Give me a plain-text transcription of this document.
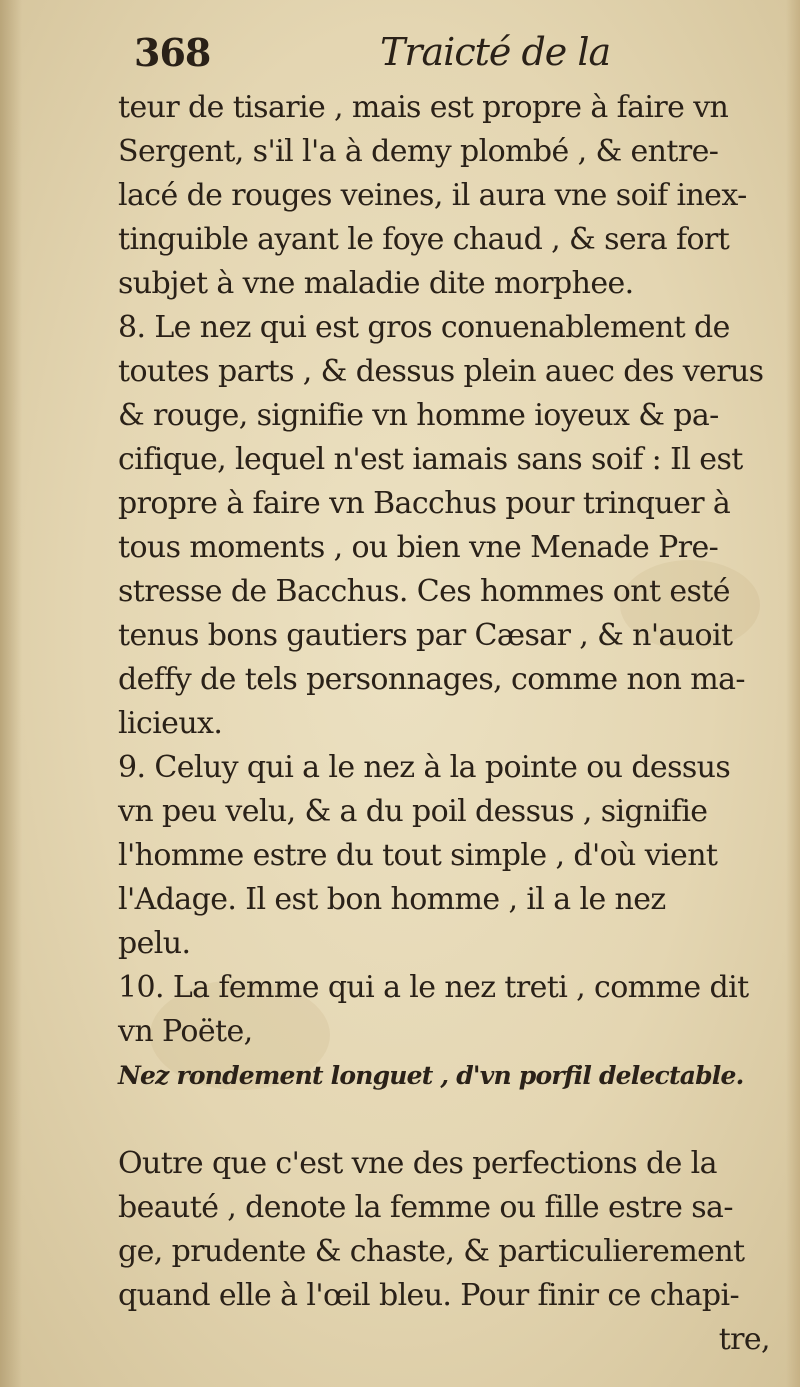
368	Traicté de la
teur de tisarie , mais est propre à faire vn
Sergent, s'il l'a à demy plombé , & entre-
lacé de rouges veines, il aura vne soif inex-
tinguible ayant le foye chaud , & sera fort
subjet à vne maladie dite morphee.
8. Le nez qui est gros conuenablement de
toutes parts , & dessus plein auec des verus
& rouge, signifie vn homme ioyeux & pa-
cifique, lequel n'est iamais sans soif : Il est
propre à faire vn Bacchus pour trinquer à
tous moments , ou bien vne Menade Pre-
stresse de Bacchus. Ces hommes ont esté
tenus bons gautiers par Cæsar , & n'auoit
deffy de tels personnages, comme non ma-
licieux.
9. Celuy qui a le nez à la pointe ou dessus
vn peu velu, & a du poil dessus , signifie
l'homme estre du tout simple , d'où vient
l'Adage. Il est bon homme , il a le nez
pelu.
10. La femme qui a le nez treti , comme dit
vn Poëte,
Nez rondement longuet , d'vn porfil delectable.
Outre que c'est vne des perfections de la
beauté , denote la femme ou fille estre sa-
ge, prudente & chaste, & particulierement
quand elle à l'œil bleu. Pour finir ce chapi-
tre,
